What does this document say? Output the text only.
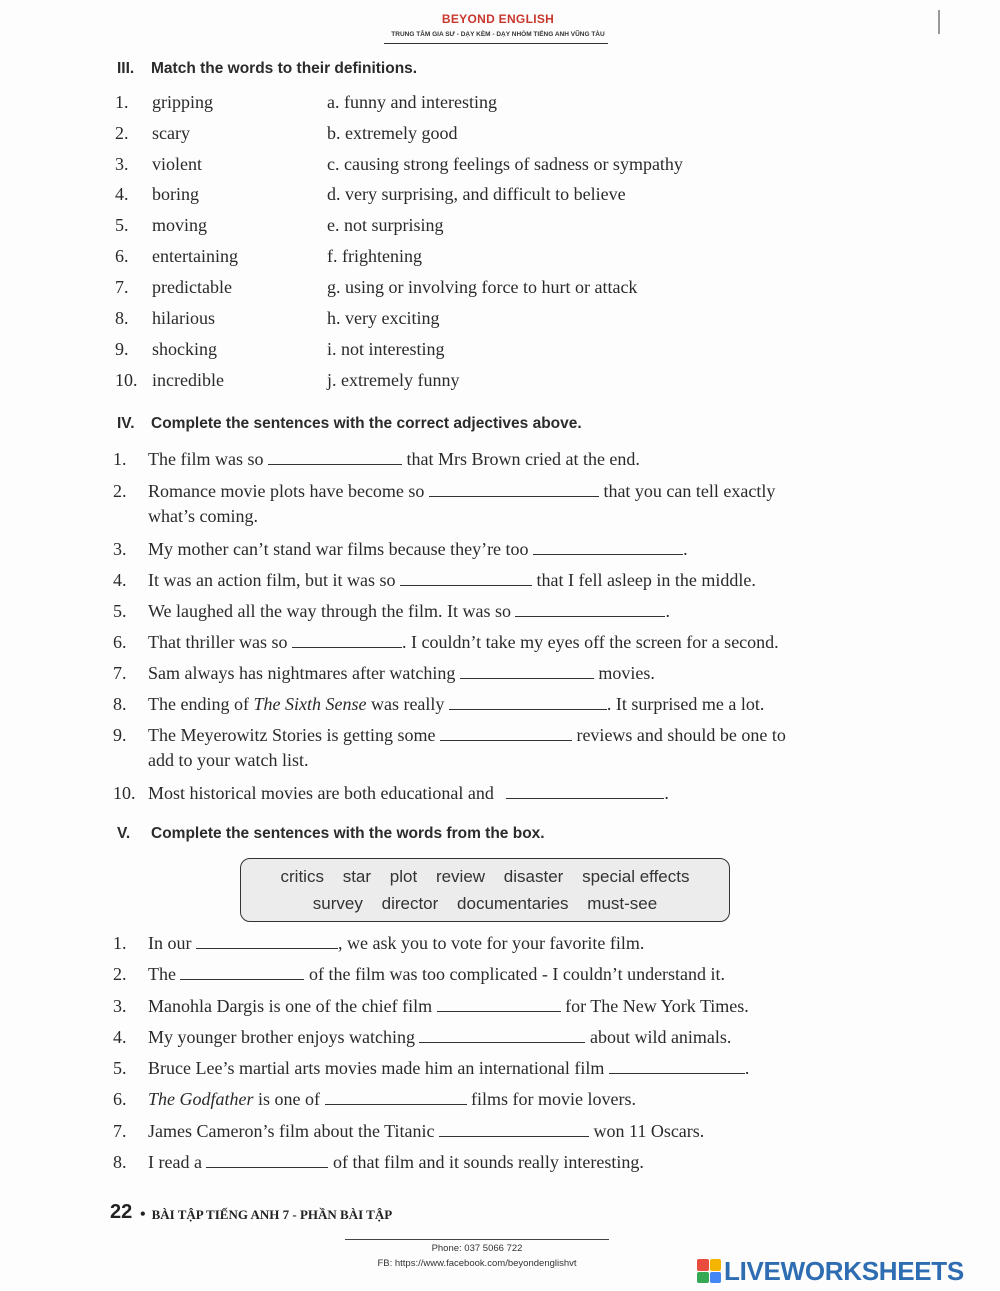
BEYOND ENGLISH
TRUNG TÂM GIA SƯ - DẠY KÈM - DẠY NHÓM TIẾNG ANH VŨNG TÀU
III. Match the words to their definitions.
1.	gripping	a. funny and interesting
2.	scary	b. extremely good
3.	violent	c. causing strong feelings of sadness or sympathy
4.	boring	d. very surprising, and difficult to believe
5.	moving	e. not surprising
6.	entertaining	f. frightening
7.	predictable	g. using or involving force to hurt or attack
8.	hilarious	h. very exciting
9.	shocking	i. not interesting
10. incredible	j. extremely funny
IV. Complete the sentences with the correct adjectives above.
1.	The film was so	that Mrs Brown cried at the end.
2.	Romance movie plots have become so	that you can tell exactly
what’s coming.
3.	My mother can’t stand war films because they’re too	.
4.	It was an action film, but it was so	that I fell asleep in the middle.
5.	We laughed all the way through the film. It was so	.
6.	That thriller was so	. I couldn’t take my eyes off the screen for a second.
7.	Sam always has nightmares after watching	movies.
8.	The ending of The Sixth Sense was really	. It surprised me a lot.
9.	The Meyerowitz Stories is getting some	reviews and should be one to
add to your watch list.
10. Most historical movies are both educational and	.
V. Complete the sentences with the words from the box.
critics star plot review disaster special effects
survey director documentaries must-see
1.	In our	, we ask you to vote for your favorite film.
2.	The	of the film was too complicated - I couldn’t understand it.
3.	Manohla Dargis is one of the chief film	for The New York Times.
4.	My younger brother enjoys watching	about wild animals.
5.	Bruce Lee’s martial arts movies made him an international film	.
6.	The Godfather is one of	films for movie lovers.
7.	James Cameron’s film about the Titanic	won 11 Oscars.
8.	I read a	of that film and it sounds really interesting.
22 • BÀI TẬP TIẾNG ANH 7 - PHẦN BÀI TẬP
Phone: 037 5066 722
FB: https://www.facebook.com/beyondenglishvt	LIVEWORKSHEETS
